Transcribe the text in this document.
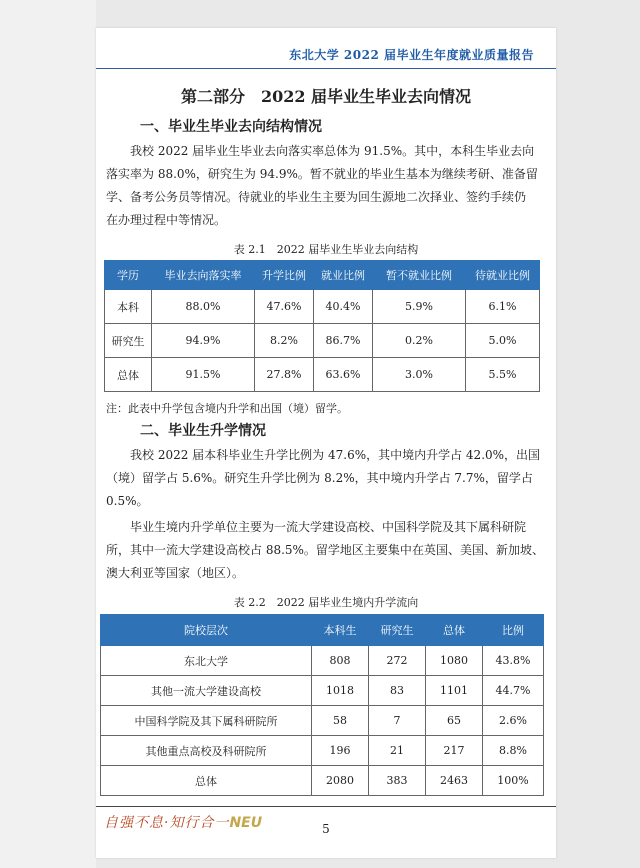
东北大学 2022 届毕业生年度就业质量报告
第二部分　2022 届毕业生毕业去向情况
一、毕业生毕业去向结构情况
我校 2022 届毕业生毕业去向落实率总体为 91.5%。其中，本科生毕业去向
落实率为 88.0%，研究生为 94.9%。暂不就业的毕业生基本为继续考研、准备留
学、备考公务员等情况。待就业的毕业生主要为回生源地二次择业、签约手续仍
在办理过程中等情况。
表 2.1　2022 届毕业生毕业去向结构
学历	毕业去向落实率	升学比例	就业比例	暂不就业比例	待就业比例
本科	88.0%	47.6%	40.4%	5.9%	6.1%
研究生	94.9%	8.2%	86.7%	0.2%	5.0%
总体	91.5%	27.8%	63.6%	3.0%	5.5%
注：此表中升学包含境内升学和出国（境）留学。
二、毕业生升学情况
我校 2022 届本科毕业生升学比例为 47.6%，其中境内升学占 42.0%，出国
（境）留学占 5.6%。研究生升学比例为 8.2%，其中境内升学占 7.7%，留学占
0.5%。
毕业生境内升学单位主要为一流大学建设高校、中国科学院及其下属科研院
所，其中一流大学建设高校占 88.5%。留学地区主要集中在英国、美国、新加坡、
澳大利亚等国家（地区）。
表 2.2　2022 届毕业生境内升学流向
院校层次	本科生	研究生	总体	比例
东北大学	808	272	1080	43.8%
其他一流大学建设高校	1018	83	1101	44.7%
中国科学院及其下属科研院所	58	7	65	2.6%
其他重点高校及科研院所	196	21	217	8.8%
总体	2080	383	2463	100%
自强不息·知行合一NEU	5
